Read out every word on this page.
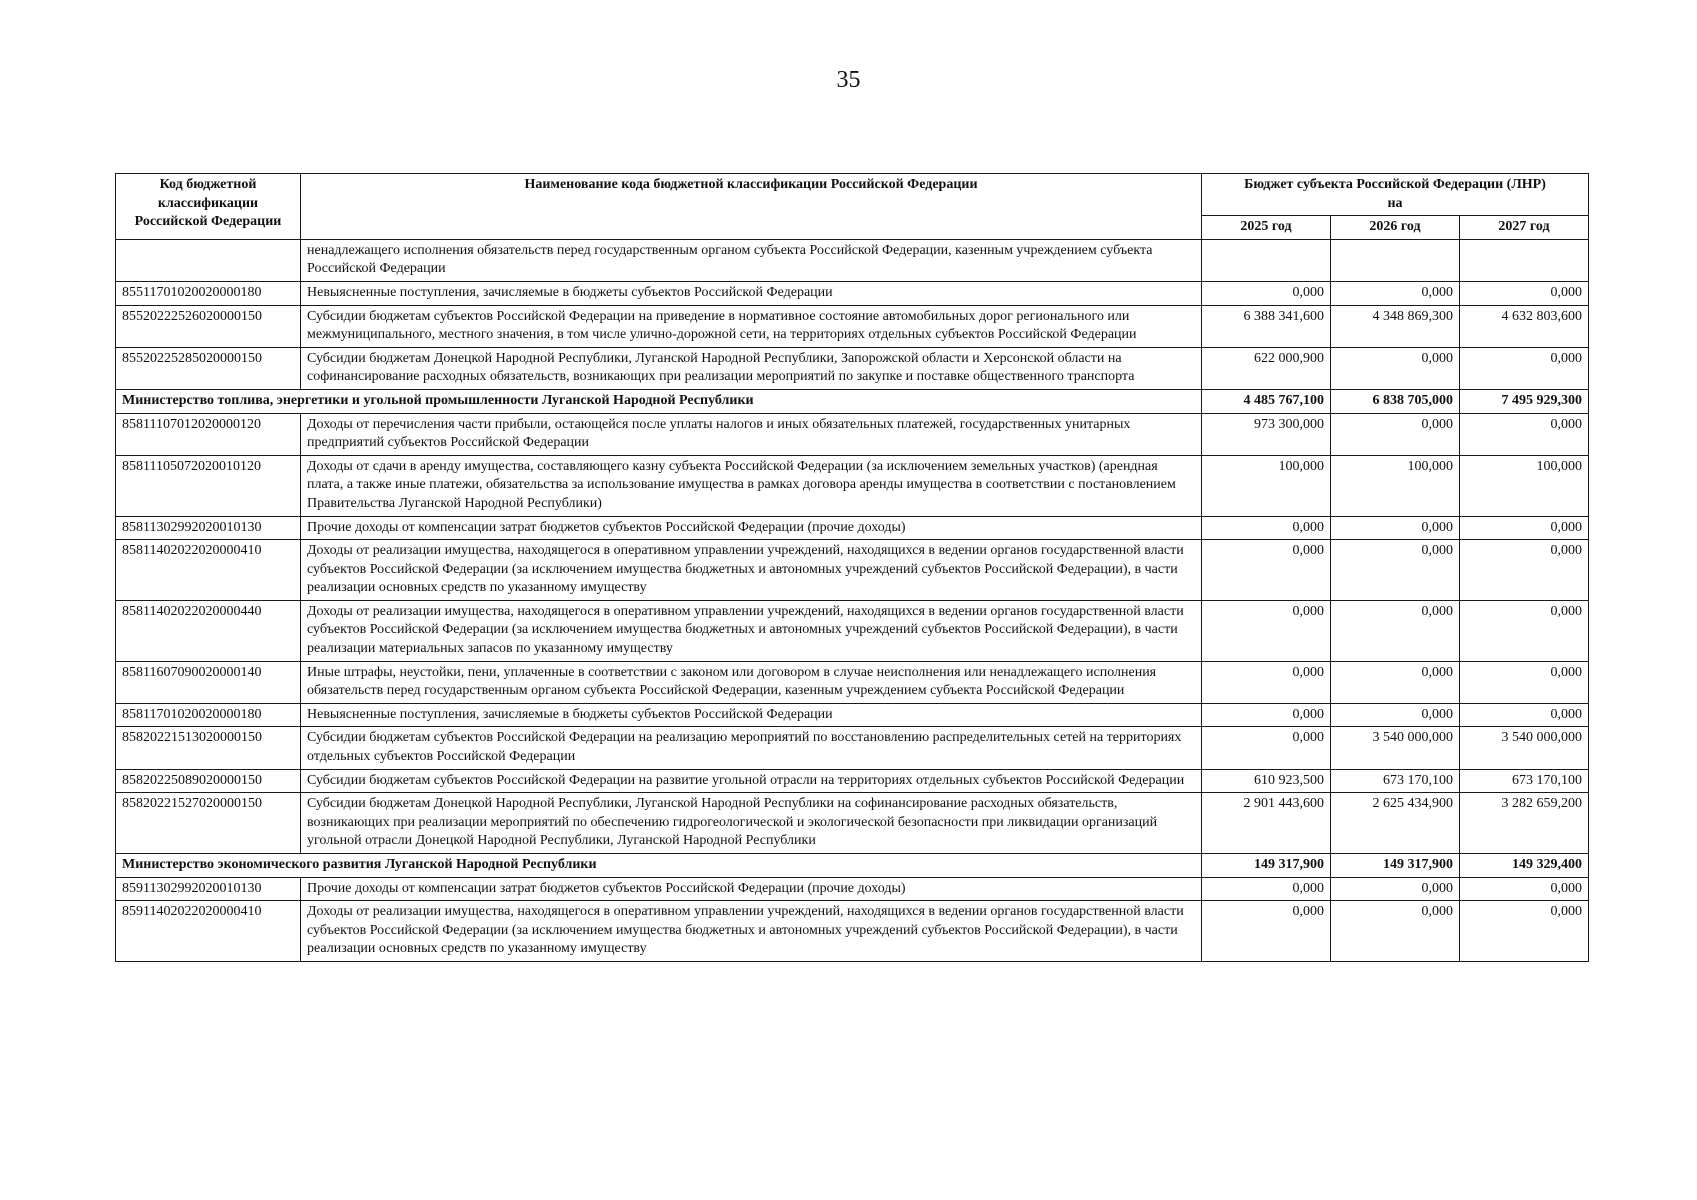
35
Код бюджетной классификации Российской Федерации	Наименование кода бюджетной классификации Российской Федерации	Бюджет субъекта Российской Федерации (ЛНР)
на		
		2025 год	2026 год	2027 год
	ненадлежащего исполнения обязательств перед государственным органом субъекта Российской Федерации, казенным учреждением субъекта Российской Федерации			
85511701020020000180	Невыясненные поступления, зачисляемые в бюджеты субъектов Российской Федерации	0,000	0,000	0,000
85520222526020000150	Субсидии бюджетам субъектов Российской Федерации на приведение в нормативное состояние автомобильных дорог регионального или межмуниципального, местного значения, в том числе улично-дорожной сети, на территориях отдельных субъектов Российской Федерации	6 388 341,600	4 348 869,300	4 632 803,600
85520225285020000150	Субсидии бюджетам Донецкой Народной Республики, Луганской Народной Республики, Запорожской области и Херсонской области на софинансирование расходных обязательств, возникающих при реализации мероприятий по закупке и поставке общественного транспорта	622 000,900	0,000	0,000
Министерство топлива, энергетики и угольной промышленности Луганской Народной Республики		4 485 767,100	6 838 705,000	7 495 929,300
85811107012020000120	Доходы от перечисления части прибыли, остающейся после уплаты налогов и иных обязательных платежей, государственных унитарных предприятий субъектов Российской Федерации	973 300,000	0,000	0,000
85811105072020010120	Доходы от сдачи в аренду имущества, составляющего казну субъекта Российской Федерации (за исключением земельных участков) (арендная плата, а также иные платежи, обязательства за использование имущества в рамках договора аренды имущества в соответствии с постановлением Правительства Луганской Народной Республики)	100,000	100,000	100,000
85811302992020010130	Прочие доходы от компенсации затрат бюджетов субъектов Российской Федерации (прочие доходы)	0,000	0,000	0,000
85811402022020000410	Доходы от реализации имущества, находящегося в оперативном управлении учреждений, находящихся в ведении органов государственной власти субъектов Российской Федерации (за исключением имущества бюджетных и автономных учреждений субъектов Российской Федерации), в части реализации основных средств по указанному имуществу	0,000	0,000	0,000
85811402022020000440	Доходы от реализации имущества, находящегося в оперативном управлении учреждений, находящихся в ведении органов государственной власти субъектов Российской Федерации (за исключением имущества бюджетных и автономных учреждений субъектов Российской Федерации), в части реализации материальных запасов по указанному имуществу	0,000	0,000	0,000
85811607090020000140	Иные штрафы, неустойки, пени, уплаченные в соответствии с законом или договором в случае неисполнения или ненадлежащего исполнения обязательств перед государственным органом субъекта Российской Федерации, казенным учреждением субъекта Российской Федерации	0,000	0,000	0,000
85811701020020000180	Невыясненные поступления, зачисляемые в бюджеты субъектов Российской Федерации	0,000	0,000	0,000
85820221513020000150	Субсидии бюджетам субъектов Российской Федерации на реализацию мероприятий по восстановлению распределительных сетей на территориях отдельных субъектов Российской Федерации	0,000	3 540 000,000	3 540 000,000
85820225089020000150	Субсидии бюджетам субъектов Российской Федерации на развитие угольной отрасли на территориях отдельных субъектов Российской Федерации	610 923,500	673 170,100	673 170,100
85820221527020000150	Субсидии бюджетам Донецкой Народной Республики, Луганской Народной Республики на софинансирование расходных обязательств, возникающих при реализации мероприятий по обеспечению гидрогеологической и экологической безопасности при ликвидации организаций угольной отрасли Донецкой Народной Республики, Луганской Народной Республики	2 901 443,600	2 625 434,900	3 282 659,200
Министерство экономического развития Луганской Народной Республики		149 317,900	149 317,900	149 329,400
85911302992020010130	Прочие доходы от компенсации затрат бюджетов субъектов Российской Федерации (прочие доходы)	0,000	0,000	0,000
85911402022020000410	Доходы от реализации имущества, находящегося в оперативном управлении учреждений, находящихся в ведении органов государственной власти субъектов Российской Федерации (за исключением имущества бюджетных и автономных учреждений субъектов Российской Федерации), в части реализации основных средств по указанному имуществу	0,000	0,000	0,000
